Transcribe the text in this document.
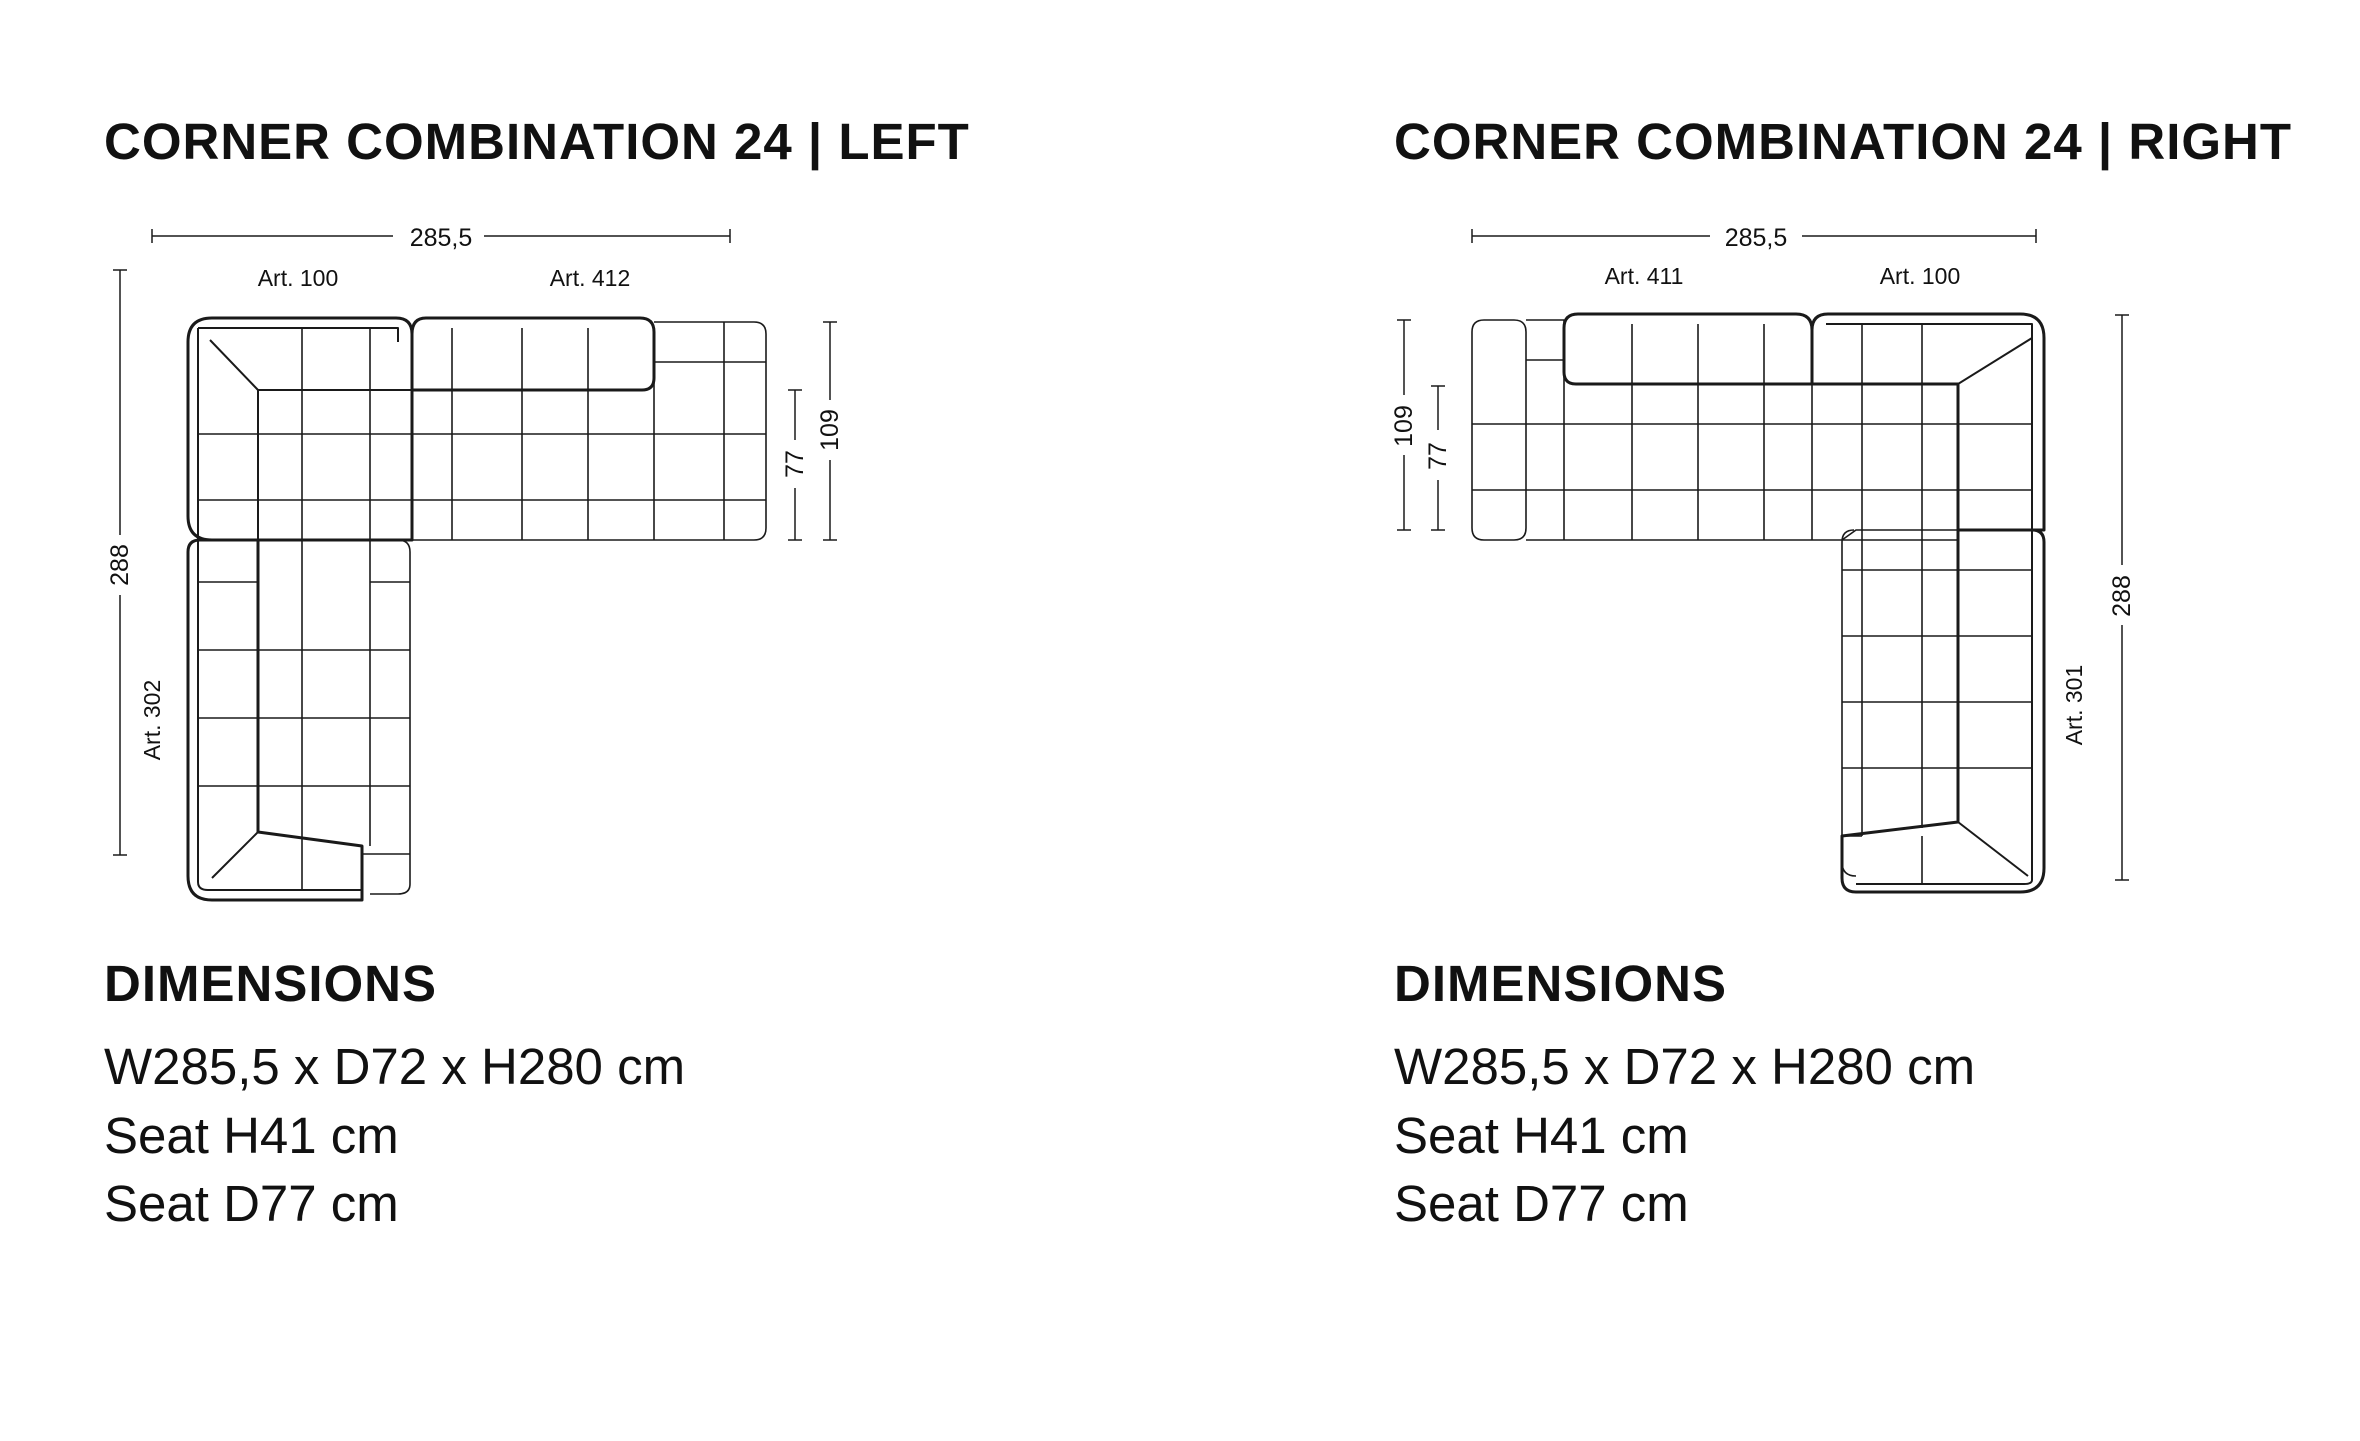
CORNER COMBINATION 24 | LEFT
285,5
Art. 100	Art. 412
288
Art. 302
109
77
DIMENSIONS

W285,5 x D72 x H280 cm

Seat H41 cm

Seat D77 cm

CORNER COMBINATION 24 | RIGHT
285,5
Art. 411	Art. 100
288
Art. 301
109
77
DIMENSIONS

W285,5 x D72 x H280 cm

Seat H41 cm

Seat D77 cm
